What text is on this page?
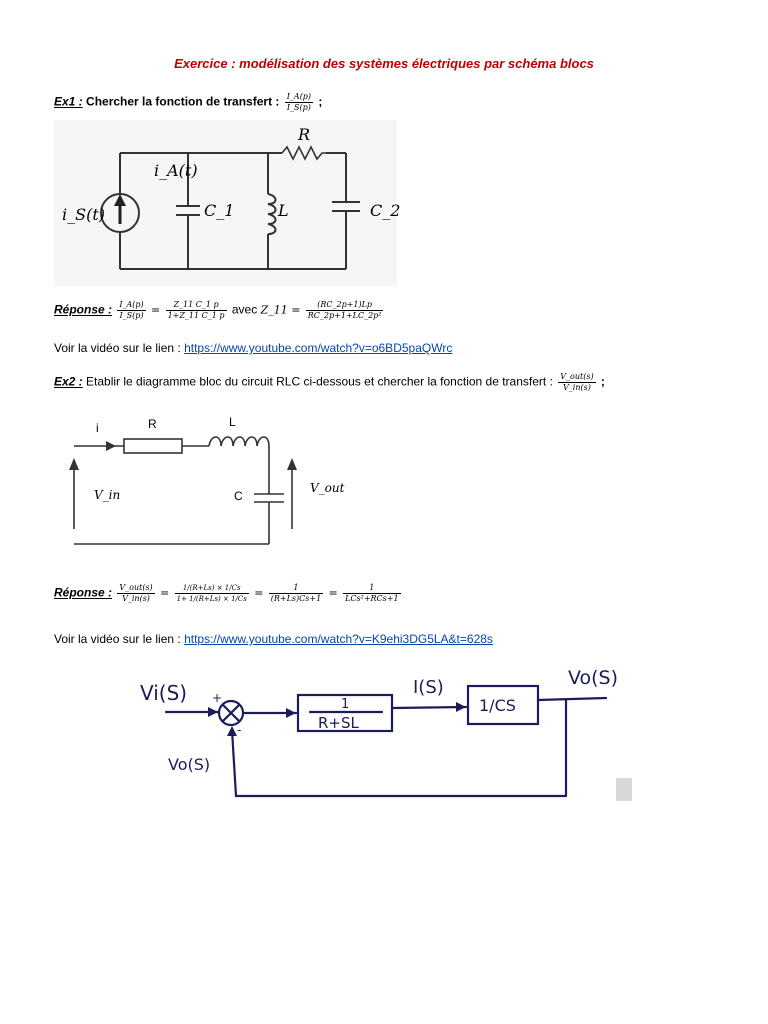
Exercice : modélisation des systèmes électriques par schéma blocs
Ex1 : Chercher la fonction de transfert : $\frac{I\_A(p)}{I\_S(p)}$ ;
i_S(t)
i_A(t)
C_1	L
R
C_2
Réponse : $\frac{I\_A(p)}{I\_S(p)} = \frac{Z\_11 C\_1 p}{1+Z\_11 C\_1 p}$ avec Z_11 = $\frac{(RC\_2p+1)Lp}{\text{RC\_2p+1+LC\_2p²}}$
Voir la vidéo sur le lien : https://www.youtube.com/watch?v=o6BD5paQWrc
Ex2 : Etablir le diagramme bloc du circuit RLC ci-dessous et chercher la fonction de transfert : $\frac{\text{V\_out(s)}}{V\_in(s)}$ ;
i	R	L
C
V_in	V_out
Réponse : $\frac{\text{V\_out(s)}}{V\_in(s)} = \frac{1/(R+Ls) \times 1/Cs}{1+ 1/(R+Ls) \times 1/Cs} = \frac{1}{(R+Ls)Cs+1} = \frac{1}{\text{LCs²+RCs+1}}$
Voir la vidéo sur le lien : https://www.youtube.com/watch?v=K9ehi3DG5LA&t=628s
Vi(S) +
-
1
R+SL
I(S)
1/CS
Vo(S)
Vo(S)
